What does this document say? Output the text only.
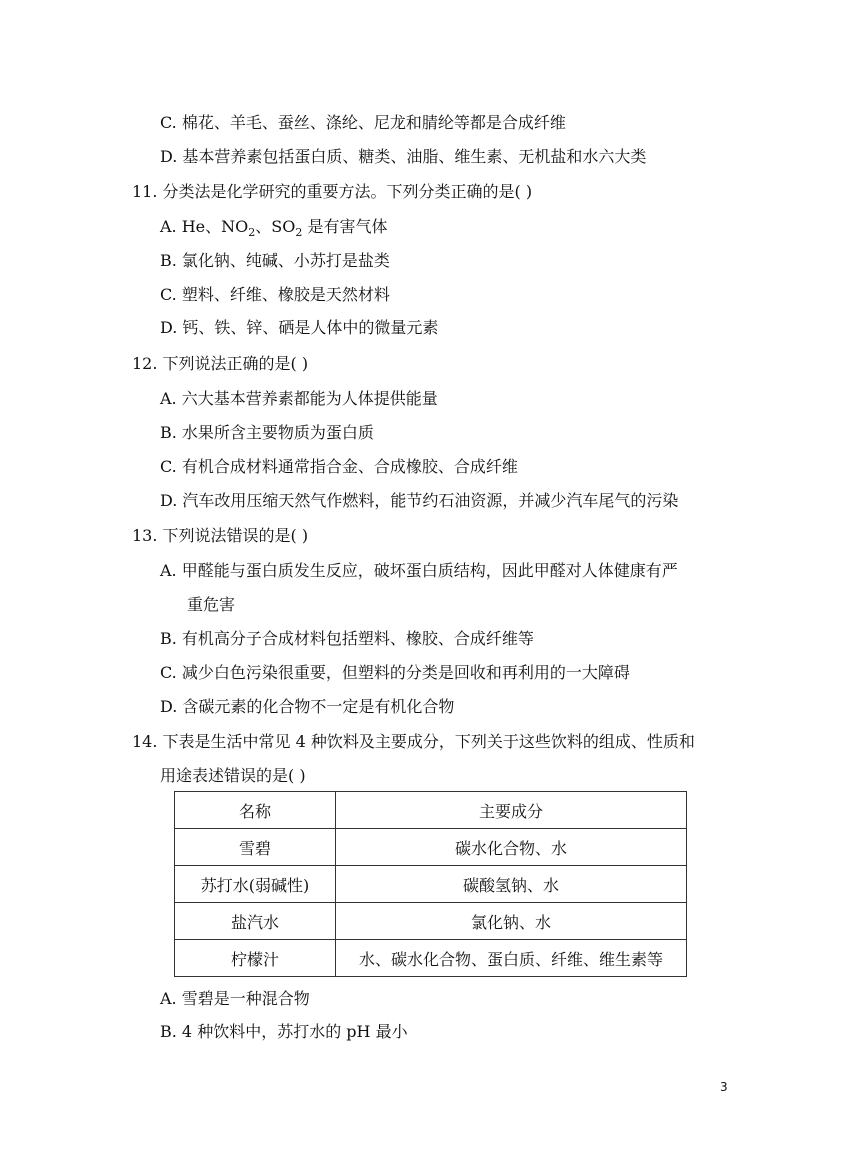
C. 棉花、羊毛、蚕丝、涤纶、尼龙和腈纶等都是合成纤维
D. 基本营养素包括蛋白质、糖类、油脂、维生素、无机盐和水六大类
11. 分类法是化学研究的重要方法。下列分类正确的是( )
A. He、$NO_2$、$SO_2$ 是有害气体
B. 氯化钠、纯碱、小苏打是盐类
C. 塑料、纤维、橡胶是天然材料
D. 钙、铁、锌、硒是人体中的微量元素
12. 下列说法正确的是( )
A. 六大基本营养素都能为人体提供能量
B. 水果所含主要物质为蛋白质
C. 有机合成材料通常指合金、合成橡胶、合成纤维
D. 汽车改用压缩天然气作燃料，能节约石油资源，并减少汽车尾气的污染
13. 下列说法错误的是( )
A. 甲醛能与蛋白质发生反应，破坏蛋白质结构，因此甲醛对人体健康有严
重危害
B. 有机高分子合成材料包括塑料、橡胶、合成纤维等
C. 减少白色污染很重要，但塑料的分类是回收和再利用的一大障碍
D. 含碳元素的化合物不一定是有机化合物
14. 下表是生活中常见 4 种饮料及主要成分，下列关于这些饮料的组成、性质和
用途表述错误的是( )
名称	主要成分
雪碧	碳水化合物、水
苏打水(弱碱性)	碳酸氢钠、水
盐汽水	氯化钠、水
柠檬汁	水、碳水化合物、蛋白质、纤维、维生素等
A. 雪碧是一种混合物
B. 4 种饮料中，苏打水的 pH 最小
3
